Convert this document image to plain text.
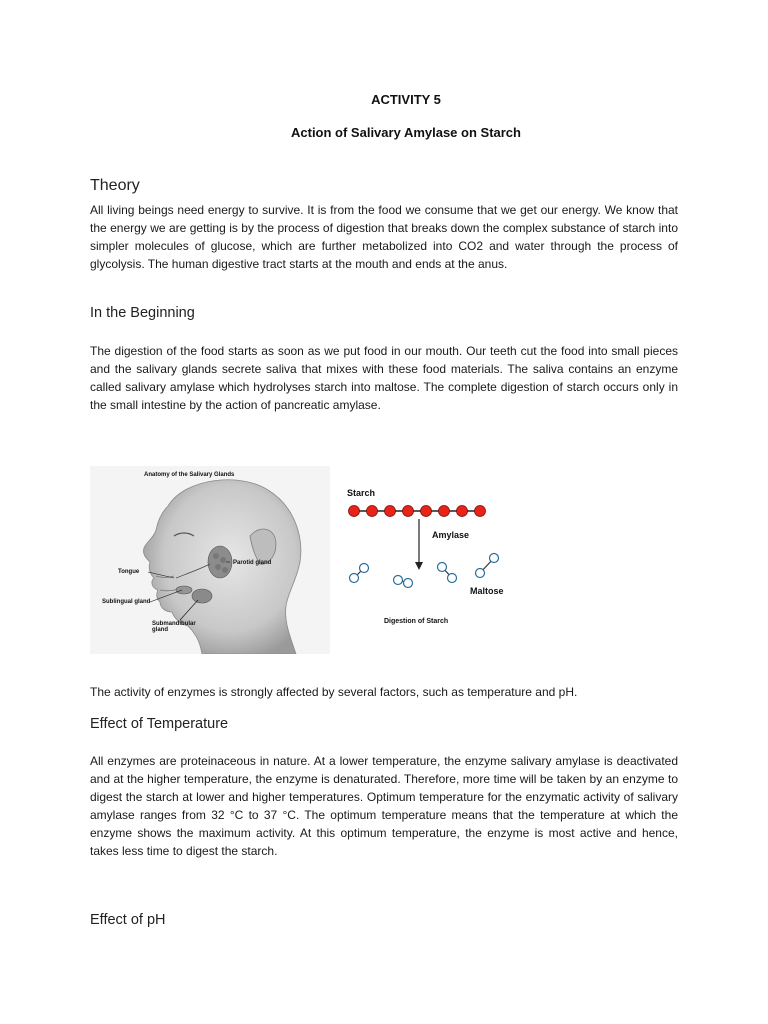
ACTIVITY 5
Action of Salivary Amylase on Starch
Theory
All living beings need energy to survive. It is from the food we consume that we get our energy. We know that the energy we are getting is by the process of digestion that breaks down the complex substance of starch into simpler molecules of glucose, which are further metabolized into CO2 and water through the process of glycolysis. The human digestive tract starts at the mouth and ends at the anus.
In the Beginning
The digestion of the food starts as soon as we put food in our mouth. Our teeth cut the food into small pieces and the salivary glands secrete saliva that mixes with these food materials. The saliva contains an enzyme called salivary amylase which hydrolyses starch into maltose. The complete digestion of starch occurs only in the small intestine by the action of pancreatic amylase.
Anatomy of the Salivary Glands
Parotid gland
Tongue
Sublingual gland
Submandibular gland
Starch
Amylase
Maltose
Digestion of Starch
The activity of enzymes is strongly affected by several factors, such as temperature and pH.
Effect of Temperature
All enzymes are proteinaceous in nature. At a lower temperature, the enzyme salivary amylase is deactivated and at the higher temperature, the enzyme is denaturated. Therefore, more time will be taken by an enzyme to digest the starch at lower and higher temperatures. Optimum temperature for the enzymatic activity of salivary amylase ranges from 32 °C to 37 °C. The optimum temperature means that the temperature at which the enzyme shows the maximum activity. At this optimum temperature, the enzyme is most active and hence, takes less time to digest the starch.
Effect of pH
